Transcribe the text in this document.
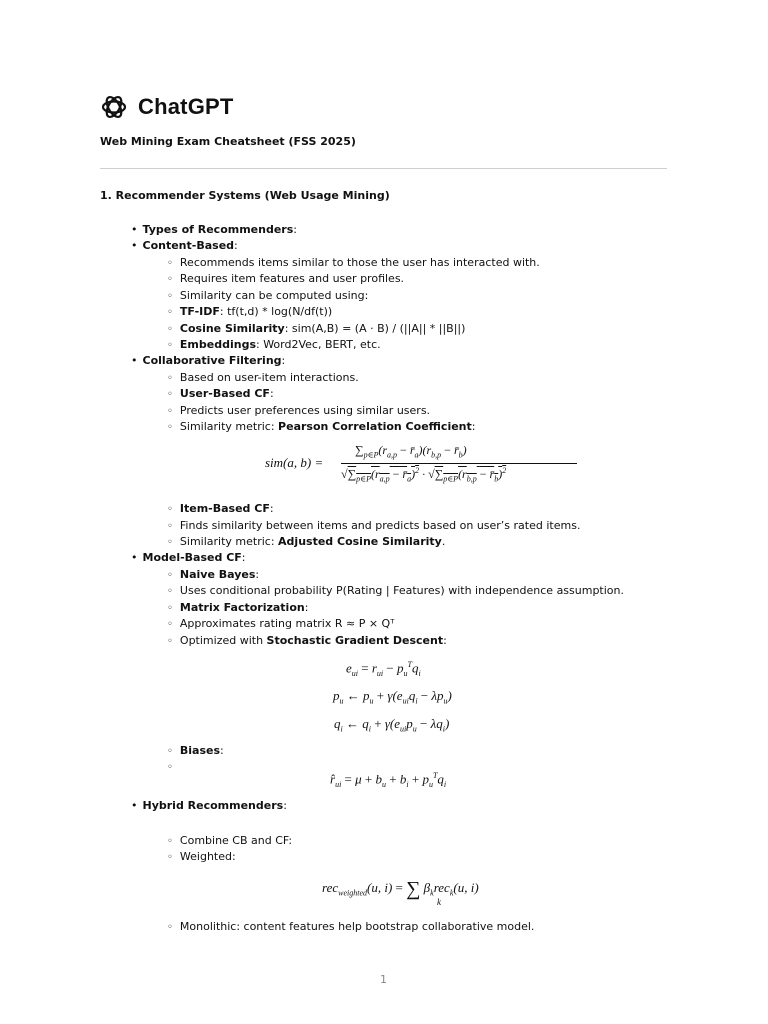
ChatGPT
Web Mining Exam Cheatsheet (FSS 2025)
1. Recommender Systems (Web Usage Mining)
• Types of Recommenders:
• Content-Based:
◦ Recommends items similar to those the user has interacted with.
◦ Requires item features and user profiles.
◦ Similarity can be computed using:
◦ TF-IDF: tf(t,d) * log(N/df(t))
◦ Cosine Similarity: sim(A,B) = (A · B) / (||A|| * ||B||)
◦ Embeddings: Word2Vec, BERT, etc.
• Collaborative Filtering:
◦ Based on user-item interactions.
◦ User-Based CF:
◦ Predicts user preferences using similar users.
◦ Similarity metric: Pearson Correlation Coefficient:
sim(a, b) =
$\sum_{p\in P}(r_{a,p}$ − $r̄_a)(r_{b,p}$ − $r̄_b$)
$√\sum_{p\in P}(r_{a,p}$ − $r̄_a)^2 \cdot √\sum_{p\in P}(r_{b,p}$ − $r̄_b)^2$
◦ Item-Based CF:
◦ Finds similarity between items and predicts based on user’s rated items.
◦ Similarity metric: Adjusted Cosine Similarity.
• Model-Based CF:
◦ Naive Bayes:
◦ Uses conditional probability P(Rating | Features) with independence assumption.
◦ Matrix Factorization:
◦ Approximates rating matrix R ≈ P × Qᵀ
◦ Optimized with Stochastic Gradient Descent:
$e_{ui} = r_{ui} - p_u^Tq_i$
$p_u$ ← $p_u + \gamma(e_{ui}q_i - \lambda p_u)$
$q_i$ ← $q_i + \gamma(e_{ui}p_u - \lambda q_i)$
◦ Biases:
◦
$r̂_{ui} = \mu + b_u + b_i + p_u^Tq_i$
• Hybrid Recommenders:
◦ Combine CB and CF:
◦ Weighted:
rec$_{weighted}$(u, i) = ∑ $\beta_krec_k(u$, i)
k
◦ Monolithic: content features help bootstrap collaborative model.
1
